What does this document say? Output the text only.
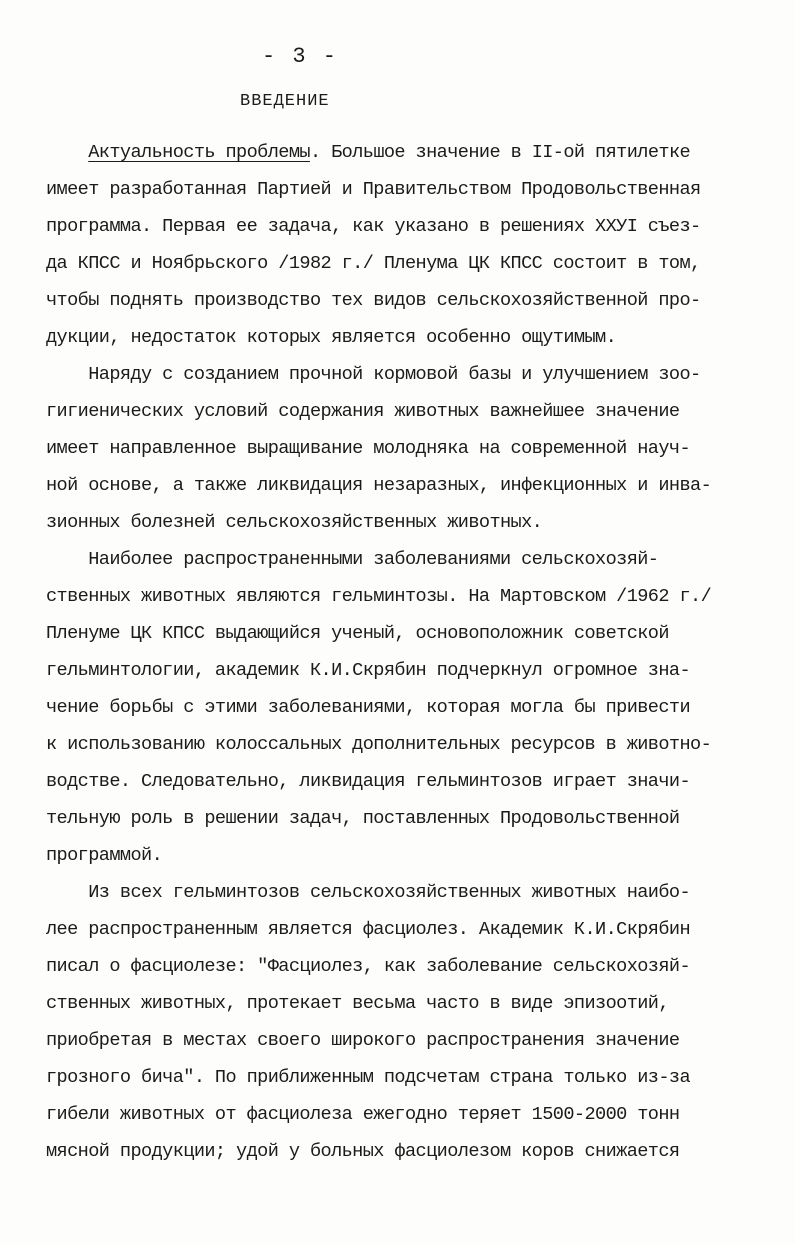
- 3 -
ВВЕДЕНИЕ
Актуальность проблемы. Большое значение в II-ой пятилетке
имеет разработанная Партией и Правительством Продовольственная
программа. Первая ее задача, как указано в решениях XXУI съез-
да КПСС и Ноябрьского /1982 г./ Пленума ЦК КПСС состоит в том,
чтобы поднять производство тех видов сельскохозяйственной про-
дукции, недостаток которых является особенно ощутимым.
Наряду с созданием прочной кормовой базы и улучшением зоо-
гигиенических условий содержания животных важнейшее значение
имеет направленное выращивание молодняка на современной науч-
ной основе, а также ликвидация незаразных, инфекционных и инва-
зионных болезней сельскохозяйственных животных.
Наиболее распространенными заболеваниями сельскохозяй-
ственных животных являются гельминтозы. На Мартовском /1962 г./
Пленуме ЦК КПСС выдающийся ученый, основоположник советской
гельминтологии, академик К.И.Скрябин подчеркнул огромное зна-
чение борьбы с этими заболеваниями, которая могла бы привести
к использованию колоссальных дополнительных ресурсов в животно-
водстве. Следовательно, ликвидация гельминтозов играет значи-
тельную роль в решении задач, поставленных Продовольственной
программой.
Из всех гельминтозов сельскохозяйственных животных наибо-
лее распространенным является фасциолез. Академик К.И.Скрябин
писал о фасциолезе: "Фасциолез, как заболевание сельскохозяй-
ственных животных, протекает весьма часто в виде эпизоотий,
приобретая в местах своего широкого распространения значение
грозного бича". По приближенным подсчетам страна только из-за
гибели животных от фасциолеза ежегодно теряет 1500-2000 тонн
мясной продукции; удой у больных фасциолезом коров снижается
